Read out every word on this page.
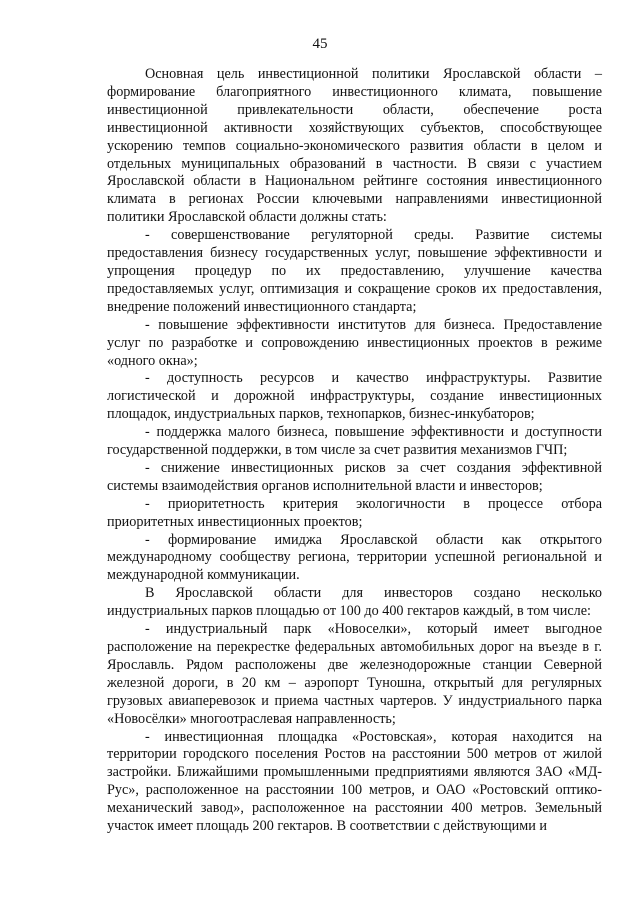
45

Основная цель инвестиционной политики Ярославской области – формирование благоприятного инвестиционного климата, повышение инвестиционной привлекательности области, обеспечение роста инвестиционной активности хозяйствующих субъектов, способствующее ускорению темпов социально-экономического развития области в целом и отдельных муниципальных образований в частности. В связи с участием Ярославской области в Национальном рейтинге состояния инвестиционного климата в регионах России ключевыми направлениями инвестиционной политики Ярославской области должны стать:

- совершенствование регуляторной среды. Развитие системы предоставления бизнесу государственных услуг, повышение эффективности и упрощения процедур по их предоставлению, улучшение качества предоставляемых услуг, оптимизация и сокращение сроков их предоставления, внедрение положений инвестиционного стандарта;

- повышение эффективности институтов для бизнеса. Предоставление услуг по разработке и сопровождению инвестиционных проектов в режиме «одного окна»;

- доступность ресурсов и качество инфраструктуры. Развитие логистической и дорожной инфраструктуры, создание инвестиционных площадок, индустриальных парков, технопарков, бизнес-инкубаторов;

- поддержка малого бизнеса, повышение эффективности и доступности государственной поддержки, в том числе за счет развития механизмов ГЧП;

- снижение инвестиционных рисков за счет создания эффективной системы взаимодействия органов исполнительной власти и инвесторов;

- приоритетность критерия экологичности в процессе отбора приоритетных инвестиционных проектов;

- формирование имиджа Ярославской области как открытого международному сообществу региона, территории успешной региональной и международной коммуникации.

В Ярославской области для инвесторов создано несколько индустриальных парков площадью от 100 до 400 гектаров каждый, в том числе:

- индустриальный парк «Новоселки», который имеет выгодное расположение на перекрестке федеральных автомобильных дорог на въезде в г. Ярославль. Рядом расположены две железнодорожные станции Северной железной дороги, в 20 км – аэропорт Туношна, открытый для регулярных грузовых авиаперевозок и приема частных чартеров. У индустриального парка «Новосёлки» многоотраслевая направленность;

- инвестиционная площадка «Ростовская», которая находится на территории городского поселения Ростов на расстоянии 500 метров от жилой застройки. Ближайшими промышленными предприятиями являются ЗАО «МД-Рус», расположенное на расстоянии 100 метров, и ОАО «Ростовский оптико-механический завод», расположенное на расстоянии 400 метров. Земельный участок имеет площадь 200 гектаров. В соответствии с действующими и
